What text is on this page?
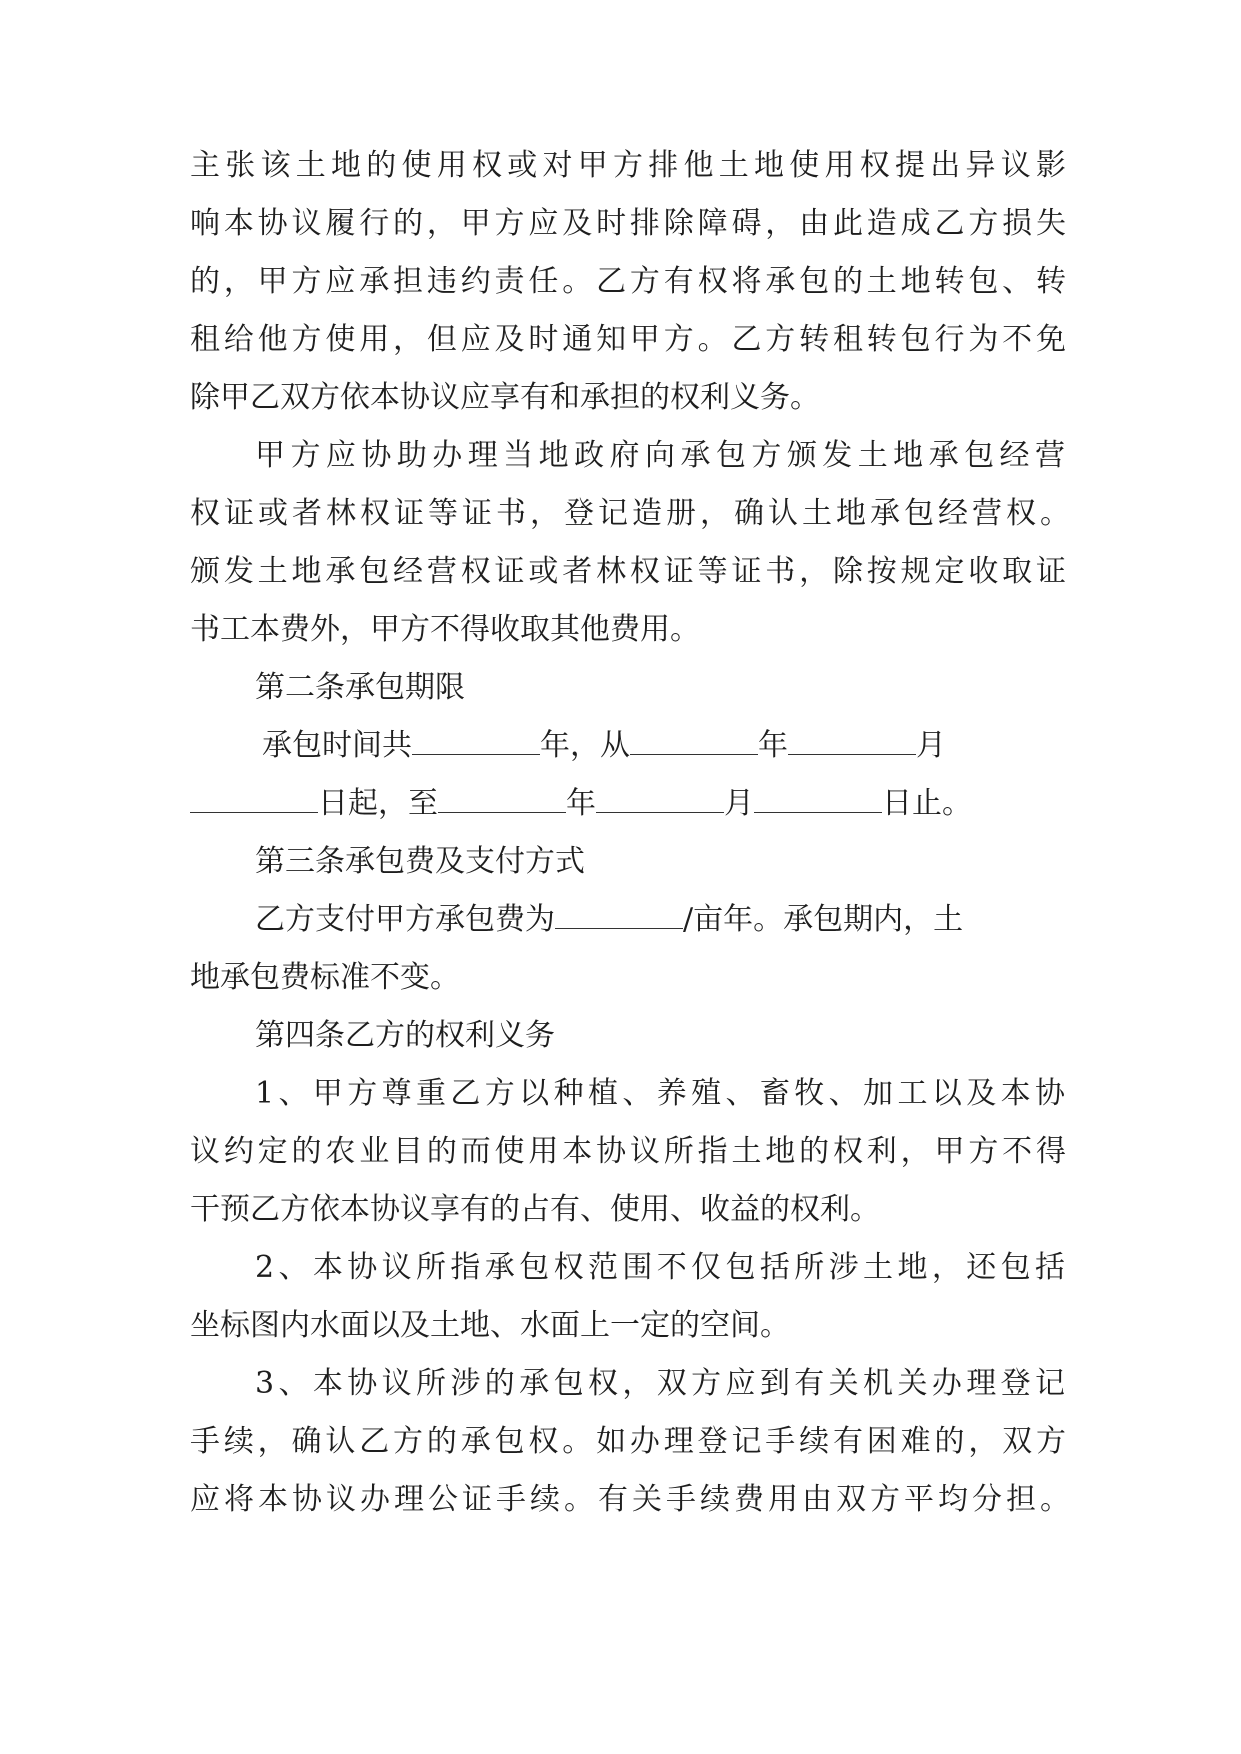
主张该土地的使用权或对甲方排他土地使用权提出异议影

响本协议履行的，甲方应及时排除障碍，由此造成乙方损失

的，甲方应承担违约责任。乙方有权将承包的土地转包、转

租给他方使用，但应及时通知甲方。乙方转租转包行为不免

除甲乙双方依本协议应享有和承担的权利义务。

甲方应协助办理当地政府向承包方颁发土地承包经营

权证或者林权证等证书，登记造册，确认土地承包经营权。

颁发土地承包经营权证或者林权证等证书，除按规定收取证

书工本费外，甲方不得收取其他费用。

第二条承包期限

承包时间共	年，从	年	月

日起，至	年	月	日止。

第三条承包费及支付方式

乙方支付甲方承包费为	/亩年。承包期内，土

地承包费标准不变。

第四条乙方的权利义务

1、甲方尊重乙方以种植、养殖、畜牧、加工以及本协

议约定的农业目的而使用本协议所指土地的权利，甲方不得

干预乙方依本协议享有的占有、使用、收益的权利。

2、本协议所指承包权范围不仅包括所涉土地，还包括

坐标图内水面以及土地、水面上一定的空间。

3、本协议所涉的承包权，双方应到有关机关办理登记

手续，确认乙方的承包权。如办理登记手续有困难的，双方

应将本协议办理公证手续。有关手续费用由双方平均分担。
